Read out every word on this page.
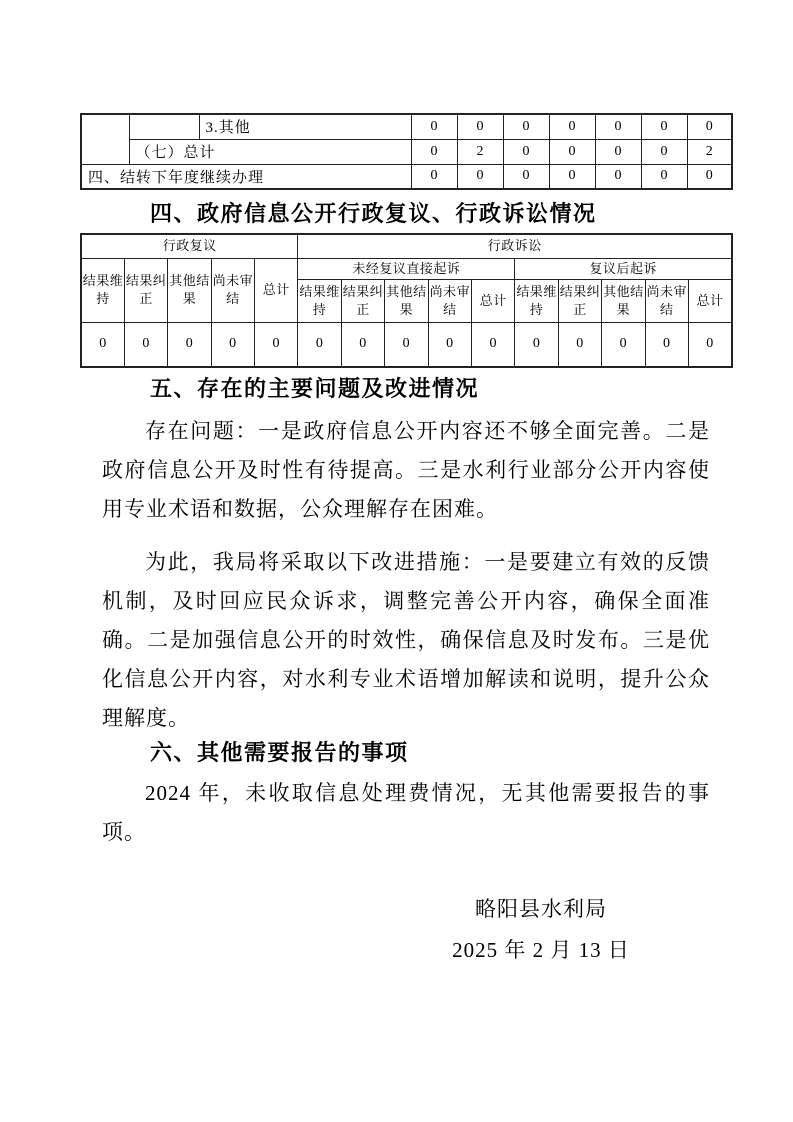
		3.其他	0	0	0	0	0	0	0
	（七）总计		0	2	0	0	0	0	2
四、结转下年度继续办理			0	0	0	0	0	0	0
四、政府信息公开行政复议、行政诉讼情况
行政复议					行政诉讼									
结果维持	结果纠正	其他结果	尚未审结	总计	未经复议直接起诉					复议后起诉				
					结果维持	结果纠正	其他结果	尚未审结	总计	结果维持	结果纠正	其他结果	尚未审结	总计
0	0	0	0	0	0	0	0	0	0	0	0	0	0	0
五、存在的主要问题及改进情况

存在问题：一是政府信息公开内容还不够全面完善。二是政府信息公开及时性有待提高。三是水利行业部分公开内容使用专业术语和数据，公众理解存在困难。

为此，我局将采取以下改进措施：一是要建立有效的反馈机制，及时回应民众诉求，调整完善公开内容，确保全面准确。二是加强信息公开的时效性，确保信息及时发布。三是优化信息公开内容，对水利专业术语增加解读和说明，提升公众理解度。

六、其他需要报告的事项

2024 年，未收取信息处理费情况，无其他需要报告的事项。

略阳县水利局
2025 年 2 月 13 日
